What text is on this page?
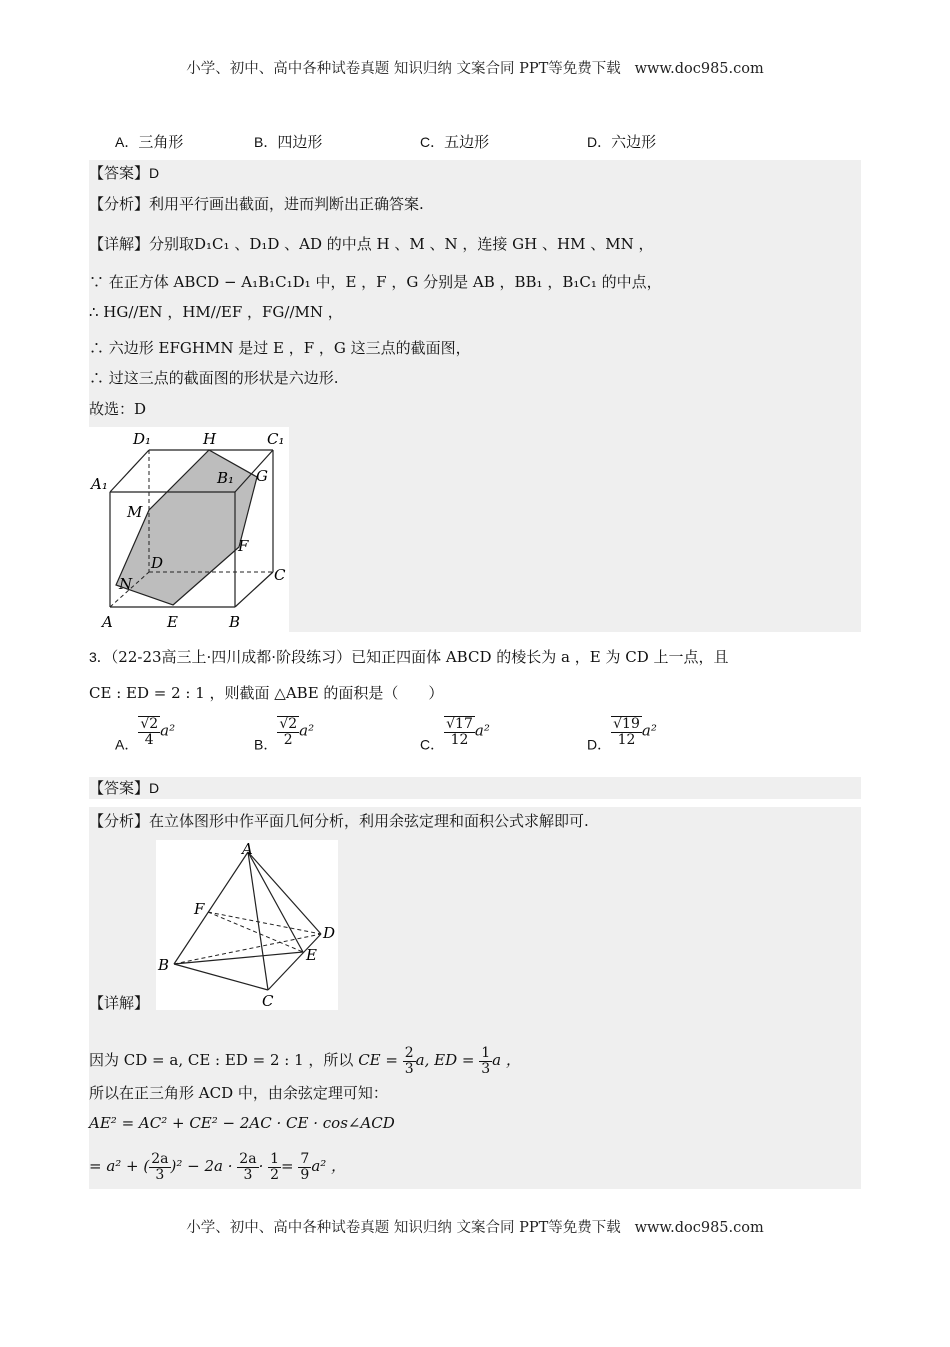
小学、初中、高中各种试卷真题 知识归纳 文案合同 PPT等免费下载 www.doc985.com
A．三角形	B．四边形	C．五边形	D．六边形
【答案】D
【分析】利用平行画出截面，进而判断出正确答案.
【详解】分别取D₁C₁ 、D₁D 、AD 的中点 H 、M 、N ，连接 GH 、HM 、MN ，
∵ 在正方体 ABCD − A₁B₁C₁D₁ 中，E ，F ，G 分别是 AB ，BB₁ ，B₁C₁ 的中点，
∴ HG//EN ，HM//EF ，FG//MN ，
∴ 六边形 EFGHMN 是过 E ，F ，G 这三点的截面图，
∴ 过这三点的截面图的形状是六边形.
故选：D
D₁	H	C₁
A₁	B₁ G
M
F
D
C
N
A	E	B
3．（22-23高三上·四川成都·阶段练习）已知正四面体 ABCD 的棱长为 a ，E 为 CD 上一点，且
CE : ED = 2 : 1 ，则截面 △ABE 的面积是（　　）
A． $\frac{√2}{4} a^2$
B． $\frac{√2}{2} a^2$
C． $\frac{√17}{12} a^2$
D． $\frac{√19}{12} a^2$
【答案】D
【分析】在立体图形中作平面几何分析，利用余弦定理和面积公式求解即可.
A
F
D
E
B
C
【详解】
因为 CD = a, CE : ED = 2 : 1 ，所以 CE = $\frac{2}{3} a$, ED = $\frac{1}{3}$ a ，
所以在正三角形 ACD 中，由余弦定理可知：
AE² = AC² + CE² − 2AC · CE · cos∠ACD
= a² + ( $\frac{2a}{3} )^2 - 2a \cdot \frac{2a}{3} \cdot \frac{1}{2} = \frac{7}{9} a^2$ ，
小学、初中、高中各种试卷真题 知识归纳 文案合同 PPT等免费下载 www.doc985.com
